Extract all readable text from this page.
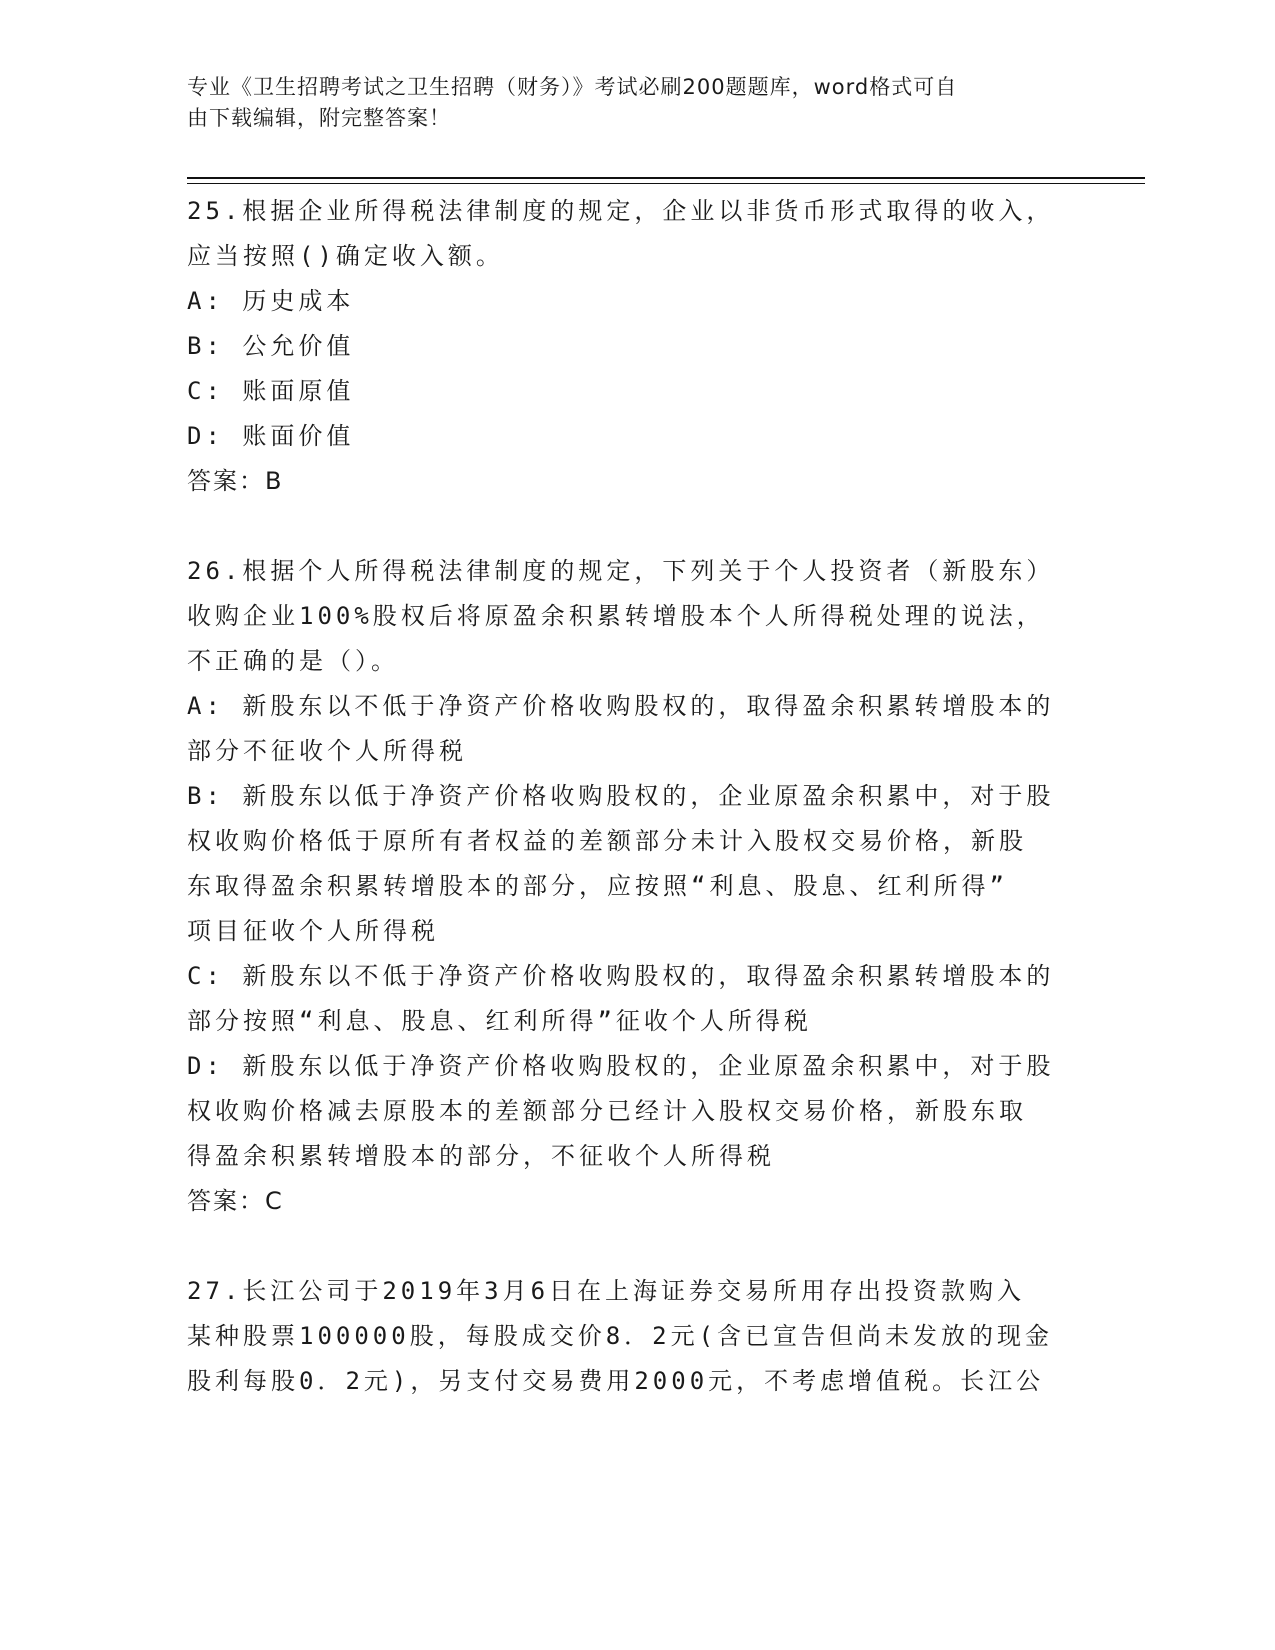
专业《卫生招聘考试之卫生招聘（财务）》考试必刷200题题库，word格式可自
由下载编辑，附完整答案！
25.根据企业所得税法律制度的规定，企业以非货币形式取得的收入，
应当按照()确定收入额。
A: 历史成本
B: 公允价值
C: 账面原值
D: 账面价值
答案：B
26.根据个人所得税法律制度的规定，下列关于个人投资者（新股东）
收购企业100%股权后将原盈余积累转增股本个人所得税处理的说法，
不正确的是（）。
A: 新股东以不低于净资产价格收购股权的，取得盈余积累转增股本的
部分不征收个人所得税
B: 新股东以低于净资产价格收购股权的，企业原盈余积累中，对于股
权收购价格低于原所有者权益的差额部分未计入股权交易价格，新股
东取得盈余积累转增股本的部分，应按照“利息、股息、红利所得”
项目征收个人所得税
C: 新股东以不低于净资产价格收购股权的，取得盈余积累转增股本的
部分按照“利息、股息、红利所得”征收个人所得税
D: 新股东以低于净资产价格收购股权的，企业原盈余积累中，对于股
权收购价格减去原股本的差额部分已经计入股权交易价格，新股东取
得盈余积累转增股本的部分，不征收个人所得税
答案：C
27.长江公司于2019年3月6日在上海证券交易所用存出投资款购入
某种股票100000股，每股成交价8．2元(含已宣告但尚未发放的现金
股利每股0．2元)，另支付交易费用2000元，不考虑增值税。长江公
